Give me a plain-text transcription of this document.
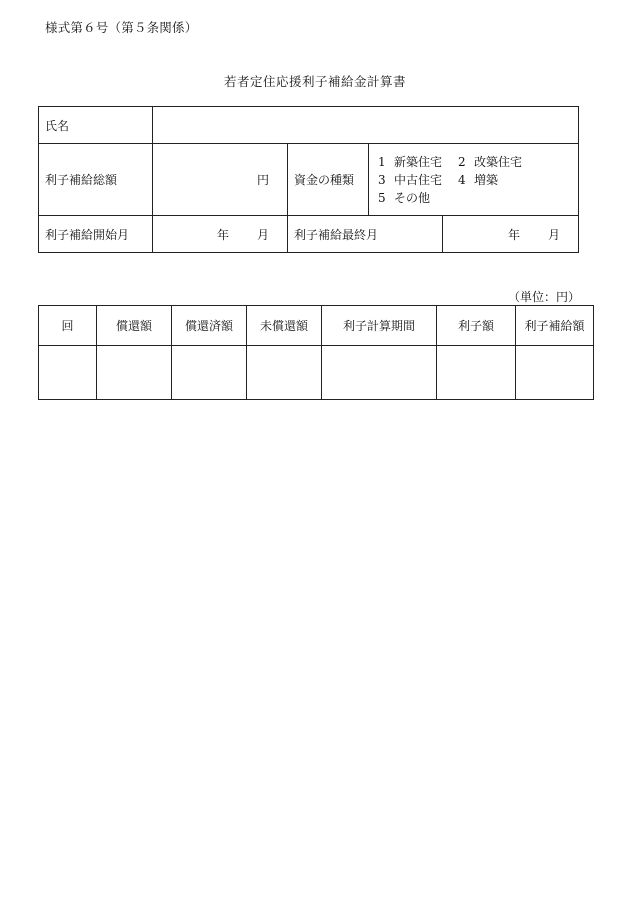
様式第６号（第５条関係）
若者定住応援利子補給金計算書
氏名				
利子補給総額	円	資金の種類	1 新築住宅 2 改築住宅
3 中古住宅 4 増築
5 その他	

利子補給開始月	年 月	利子補給最終月		年 月
（単位：円）
回	償還額	償還済額	未償還額	利子計算期間	利子額	利子補給額
